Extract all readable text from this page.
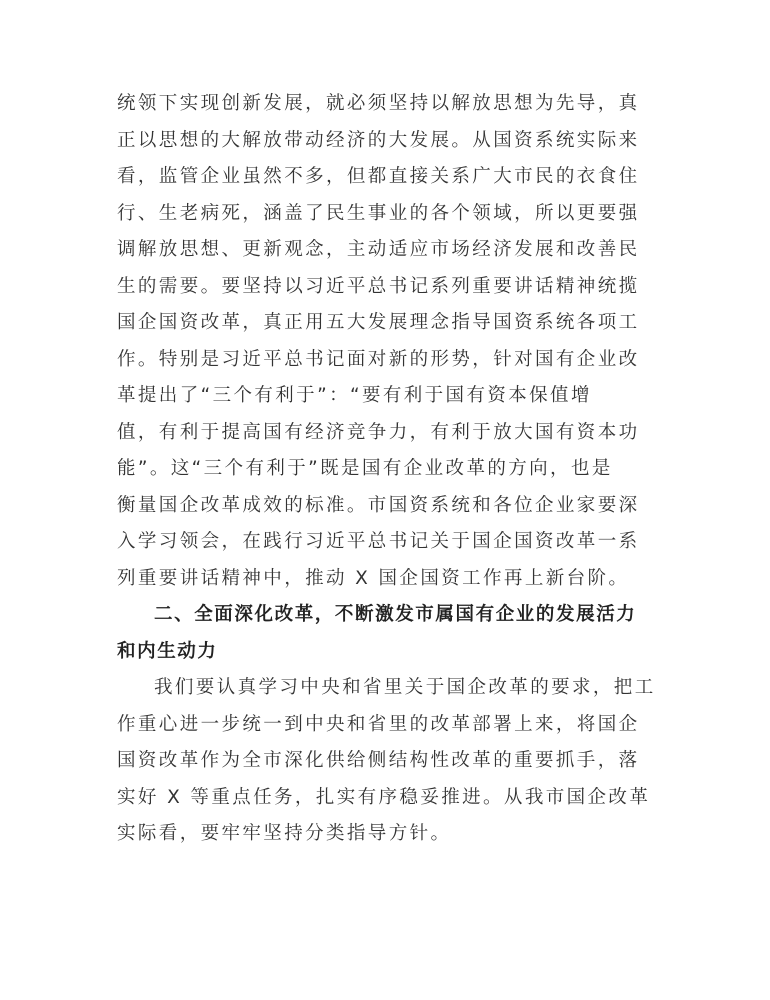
统领下实现创新发展，就必须坚持以解放思想为先导，真
正以思想的大解放带动经济的大发展。从国资系统实际来
看，监管企业虽然不多，但都直接关系广大市民的衣食住
行、生老病死，涵盖了民生事业的各个领域，所以更要强
调解放思想、更新观念，主动适应市场经济发展和改善民
生的需要。要坚持以习近平总书记系列重要讲话精神统揽
国企国资改革，真正用五大发展理念指导国资系统各项工
作。特别是习近平总书记面对新的形势，针对国有企业改
革提出了“三个有利于”：“要有利于国有资本保值增
值，有利于提高国有经济竞争力，有利于放大国有资本功
能”。这“三个有利于”既是国有企业改革的方向，也是
衡量国企改革成效的标准。市国资系统和各位企业家要深
入学习领会，在践行习近平总书记关于国企国资改革一系
列重要讲话精神中，推动 X 国企国资工作再上新台阶。
二、全面深化改革，不断激发市属国有企业的发展活力
和内生动力
我们要认真学习中央和省里关于国企改革的要求，把工
作重心进一步统一到中央和省里的改革部署上来，将国企
国资改革作为全市深化供给侧结构性改革的重要抓手，落
实好 X 等重点任务，扎实有序稳妥推进。从我市国企改革
实际看，要牢牢坚持分类指导方针。
